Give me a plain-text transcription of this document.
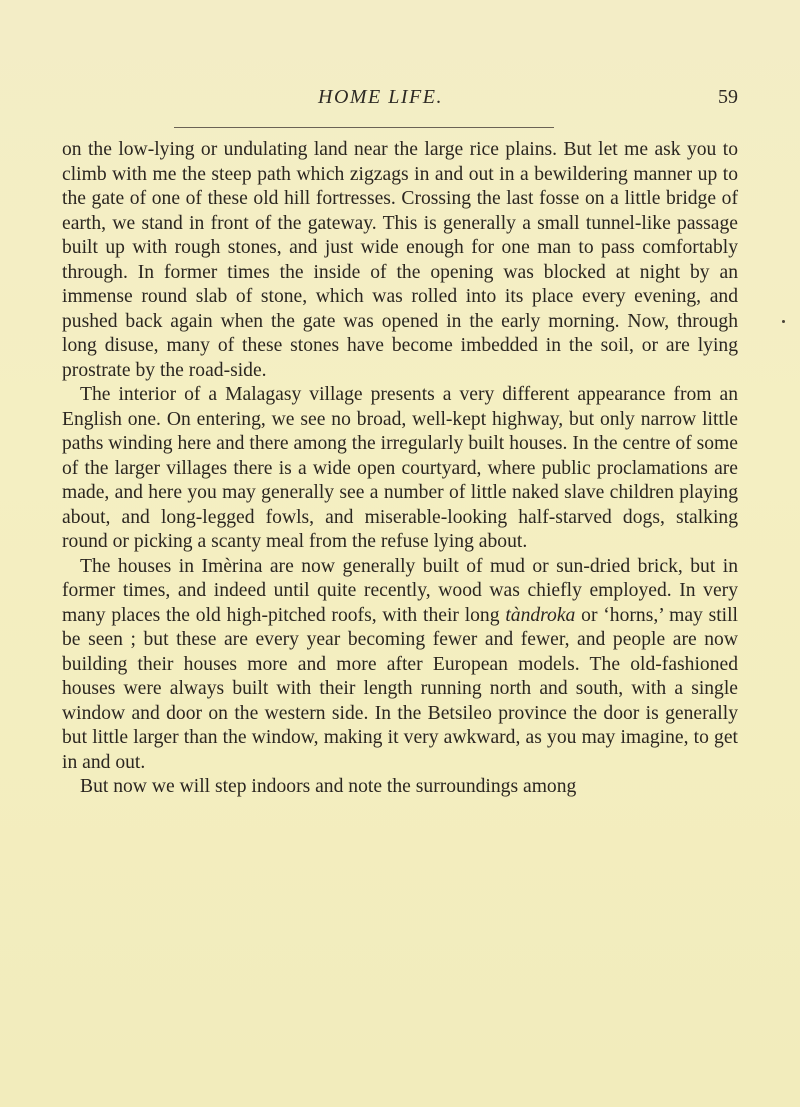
HOME LIFE.	59

on the low-lying or undulating land near the large rice plains. But let me ask you to climb with me the steep path which zigzags in and out in a bewildering manner up to the gate of one of these old hill fortresses. Crossing the last fosse on a little bridge of earth, we stand in front of the gateway. This is generally a small tunnel-like passage built up with rough stones, and just wide enough for one man to pass comfortably through. In former times the inside of the opening was blocked at night by an immense round slab of stone, which was rolled into its place every evening, and pushed back again when the gate was opened in the early morning. Now, through long disuse, many of these stones have become imbedded in the soil, or are lying prostrate by the road-side.

The interior of a Malagasy village presents a very different appearance from an English one. On entering, we see no broad, well-kept highway, but only narrow little paths winding here and there among the irregularly built houses. In the centre of some of the larger villages there is a wide open courtyard, where public proclamations are made, and here you may generally see a number of little naked slave children playing about, and long-legged fowls, and miserable-looking half-starved dogs, stalking round or picking a scanty meal from the refuse lying about.

The houses in Imèrina are now generally built of mud or sun-dried brick, but in former times, and indeed until quite recently, wood was chiefly employed. In very many places the old high-pitched roofs, with their long tàndroka or ‘horns,’ may still be seen ; but these are every year becoming fewer and fewer, and people are now building their houses more and more after European models. The old-fashioned houses were always built with their length running north and south, with a single window and door on the western side. In the Betsileo province the door is generally but little larger than the window, making it very awkward, as you may imagine, to get in and out.

But now we will step indoors and note the surroundings among
